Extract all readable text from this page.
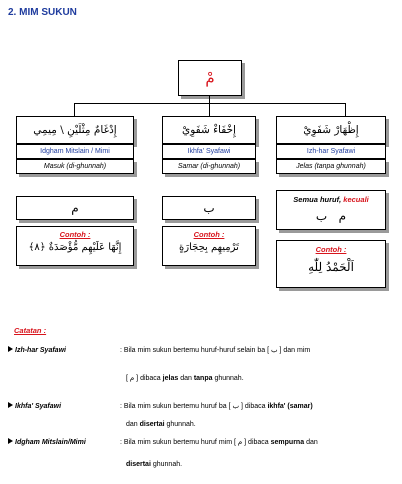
2. MIM SUKUN
مْ
إِدْغَامٌ مِثْلَيْنِ \ مِيمِي
Idgham Mitslain / Mimi
Masuk (di-ghunnah)
م
Contoh :
إِنَّهَا عَلَيْهِم مُّؤْصَدَةٌ ﴿٨﴾
إِخْفَاءْ شَفَوِيْ
Ikhfa' Syafawi
Samar (di-ghunnah)
ب
Contoh :
تَرْمِيهِم بِحِجَارَةٍ
إِظْهَارْ شَفَوِيْ
Izh-har Syafawi
Jelas (tanpa ghunnah)
Semua huruf, kecuali
م   ب
Contoh :
اَلْحَمْدُ لِلّٰهِ
Catatan :
Izh-har Syafawi	: Bila mim sukun bertemu huruf-huruf selain ba [ ب ] dan mim
[ م ] dibaca jelas dan tanpa ghunnah.
Ikhfa' Syafawi	: Bila mim sukun bertemu huruf ba [ ب ] dibaca ikhfa' (samar)
dan disertai ghunnah.
Idgham Mitslain/Mimi	: Bila mim sukun bertemu huruf mim [ م ] dibaca sempurna dan
disertai ghunnah.
